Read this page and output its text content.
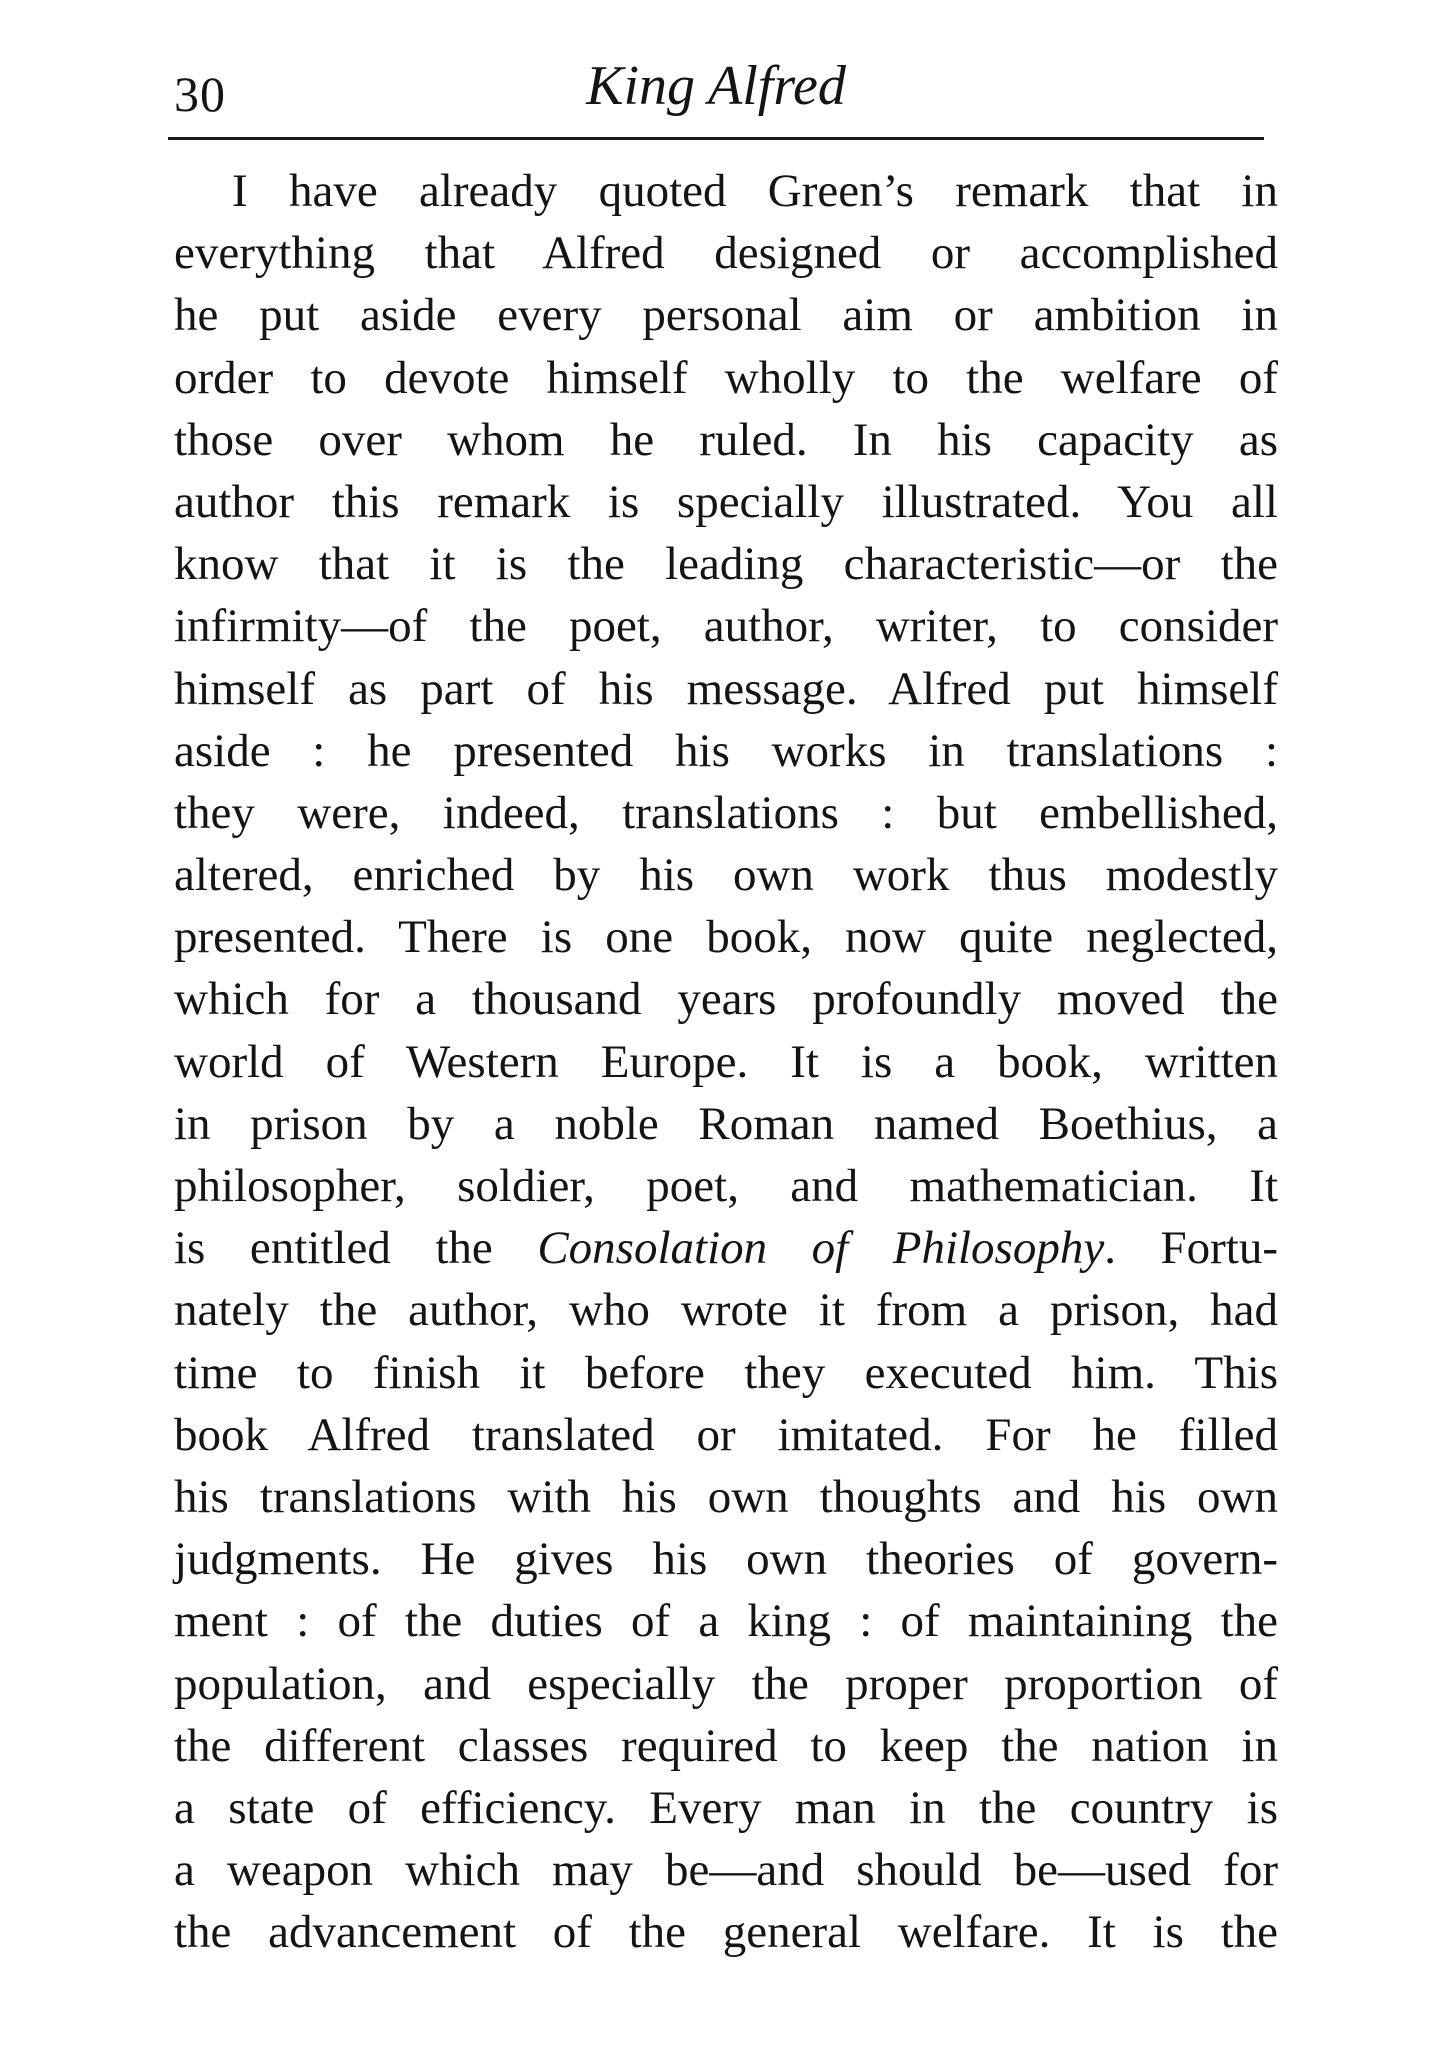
30	King Alfred
I have already quoted Green’s remark that in
everything that Alfred designed or accomplished
he put aside every personal aim or ambition in
order to devote himself wholly to the welfare of
those over whom he ruled. In his capacity as
author this remark is specially illustrated. You all
know that it is the leading characteristic—or the
infirmity—of the poet, author, writer, to consider
himself as part of his message. Alfred put himself
aside : he presented his works in translations :
they were, indeed, translations : but embellished,
altered, enriched by his own work thus modestly
presented. There is one book, now quite neglected,
which for a thousand years profoundly moved the
world of Western Europe. It is a book, written
in prison by a noble Roman named Boethius, a
philosopher, soldier, poet, and mathematician. It
is entitled the Consolation of Philosophy. Fortu-
nately the author, who wrote it from a prison, had
time to finish it before they executed him. This
book Alfred translated or imitated. For he filled
his translations with his own thoughts and his own
judgments. He gives his own theories of govern-
ment : of the duties of a king : of maintaining the
population, and especially the proper proportion of
the different classes required to keep the nation in
a state of efficiency. Every man in the country is
a weapon which may be—and should be—used for
the advancement of the general welfare. It is the
